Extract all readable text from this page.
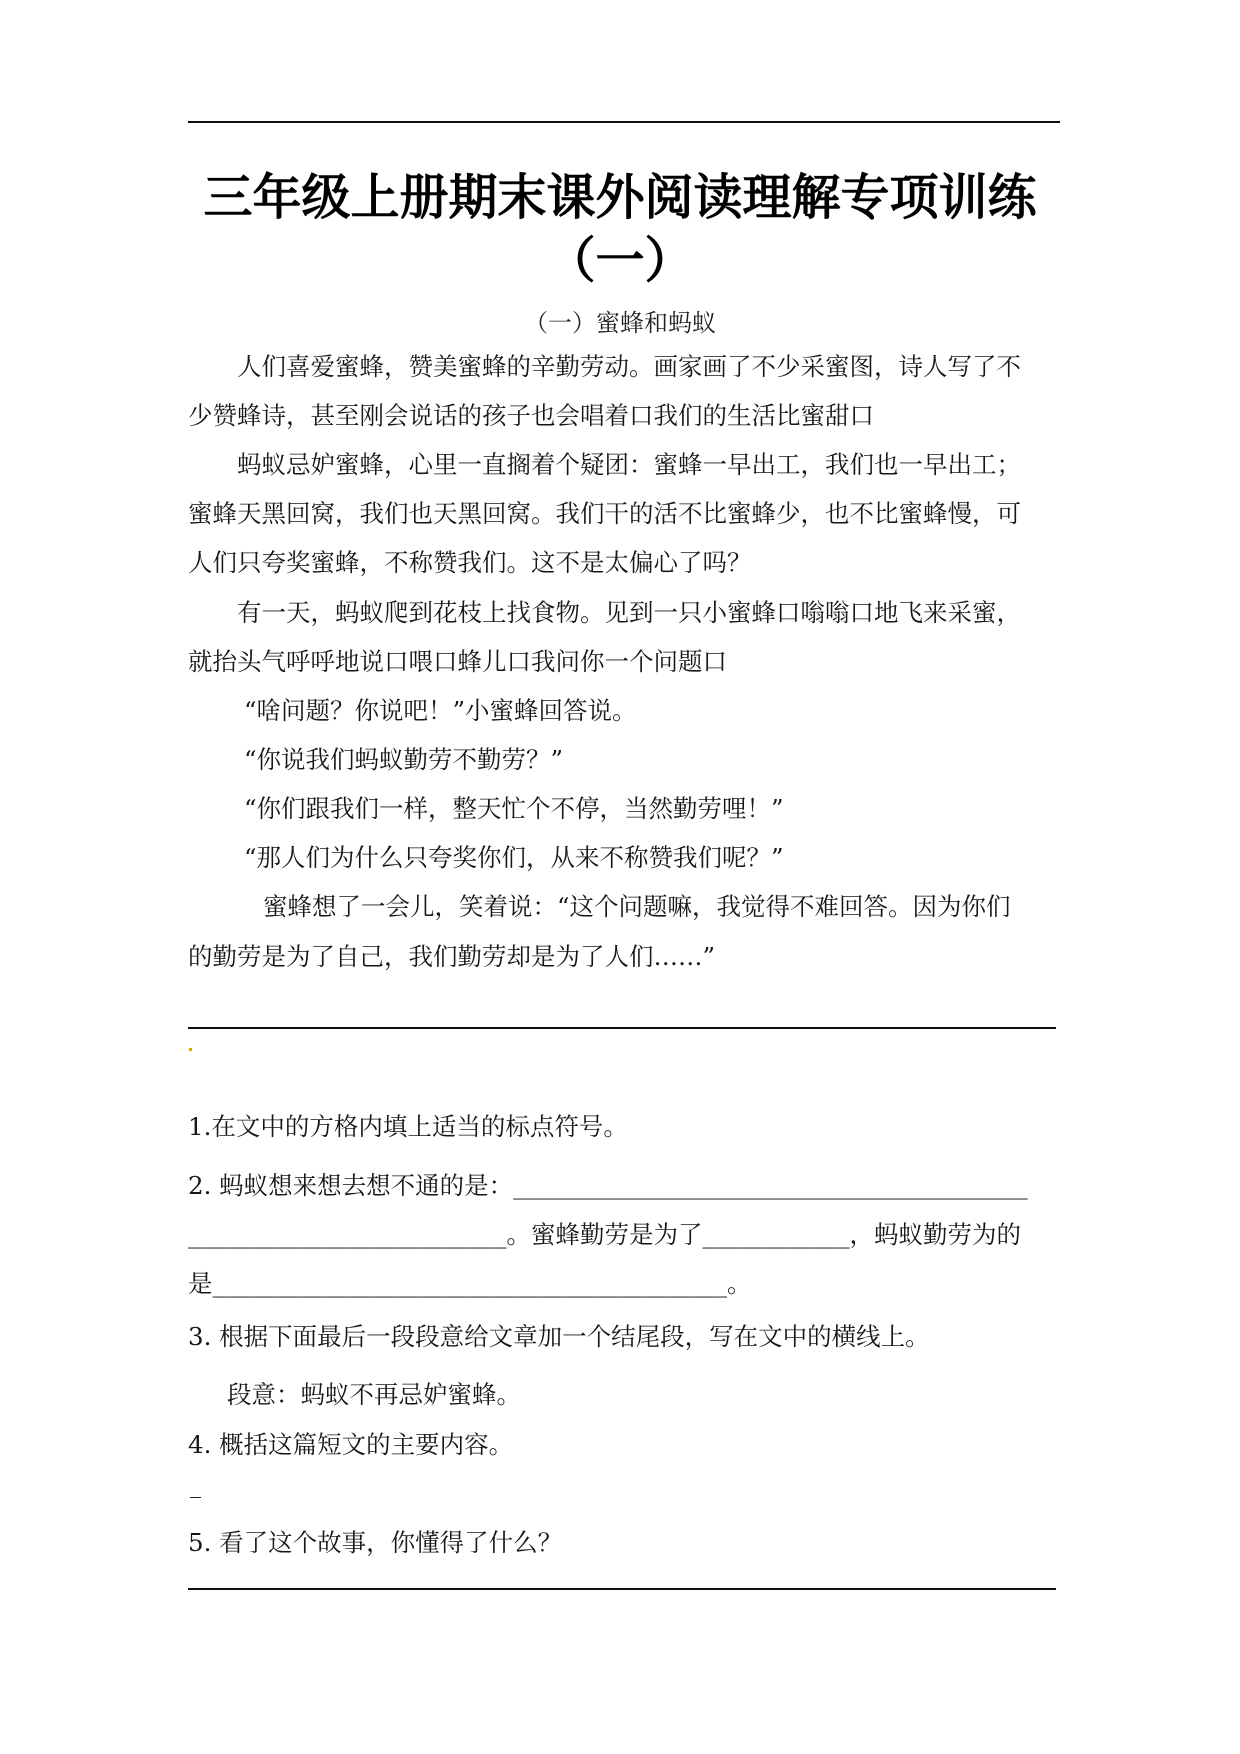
三年级上册期末课外阅读理解专项训练
（一）
（一）蜜蜂和蚂蚁
人们喜爱蜜蜂，赞美蜜蜂的辛勤劳动。画家画了不少采蜜图，诗人写了不
少赞蜂诗，甚至刚会说话的孩子也会唱着口我们的生活比蜜甜口
蚂蚁忌妒蜜蜂，心里一直搁着个疑团：蜜蜂一早出工，我们也一早出工；
蜜蜂天黑回窝，我们也天黑回窝。我们干的活不比蜜蜂少，也不比蜜蜂慢，可
人们只夸奖蜜蜂，不称赞我们。这不是太偏心了吗？
有一天，蚂蚁爬到花枝上找食物。见到一只小蜜蜂口嗡嗡口地飞来采蜜，
就抬头气呼呼地说口喂口蜂儿口我问你一个问题口
“啥问题？你说吧！”小蜜蜂回答说。
“你说我们蚂蚁勤劳不勤劳？”
“你们跟我们一样，整天忙个不停，当然勤劳哩！”
“那人们为什么只夸奖你们，从来不称赞我们呢？”
蜜蜂想了一会儿，笑着说：“这个问题嘛，我觉得不难回答。因为你们
的勤劳是为了自己，我们勤劳却是为了人们……”
1.在文中的方格内填上适当的标点符号。
2. 蚂蚁想来想去想不通的是：__________________________________________
__________________________。蜜蜂勤劳是为了____________，蚂蚁勤劳为的
是__________________________________________。
3. 根据下面最后一段段意给文章加一个结尾段，写在文中的横线上。
段意：蚂蚁不再忌妒蜜蜂。
4. 概括这篇短文的主要内容。
5. 看了这个故事，你懂得了什么？
